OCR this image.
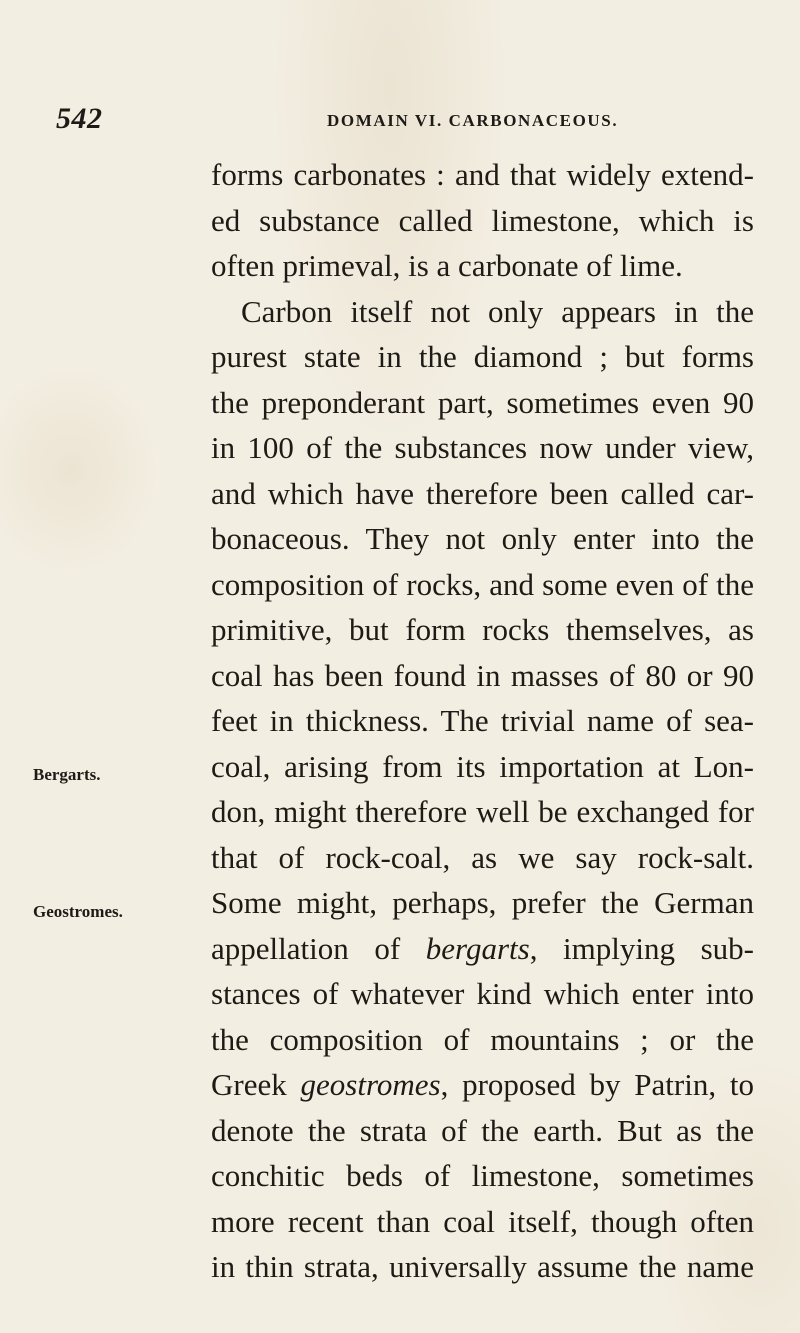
542	DOMAIN VI. CARBONACEOUS.
Bergarts.
Geostromes.
forms carbonates : and that widely extend-
ed substance called limestone, which is
often primeval, is a carbonate of lime.
Carbon itself not only appears in the
purest state in the diamond ; but forms
the preponderant part, sometimes even 90
in 100 of the substances now under view,
and which have therefore been called car-
bonaceous. They not only enter into the
composition of rocks, and some even of the
primitive, but form rocks themselves, as
coal has been found in masses of 80 or 90
feet in thickness. The trivial name of sea-
coal, arising from its importation at Lon-
don, might therefore well be exchanged for
that of rock-coal, as we say rock-salt.
Some might, perhaps, prefer the German
appellation of bergarts, implying sub-
stances of whatever kind which enter into
the composition of mountains ; or the
Greek geostromes, proposed by Patrin, to
denote the strata of the earth. But as the
conchitic beds of limestone, sometimes
more recent than coal itself, though often
in thin strata, universally assume the name
